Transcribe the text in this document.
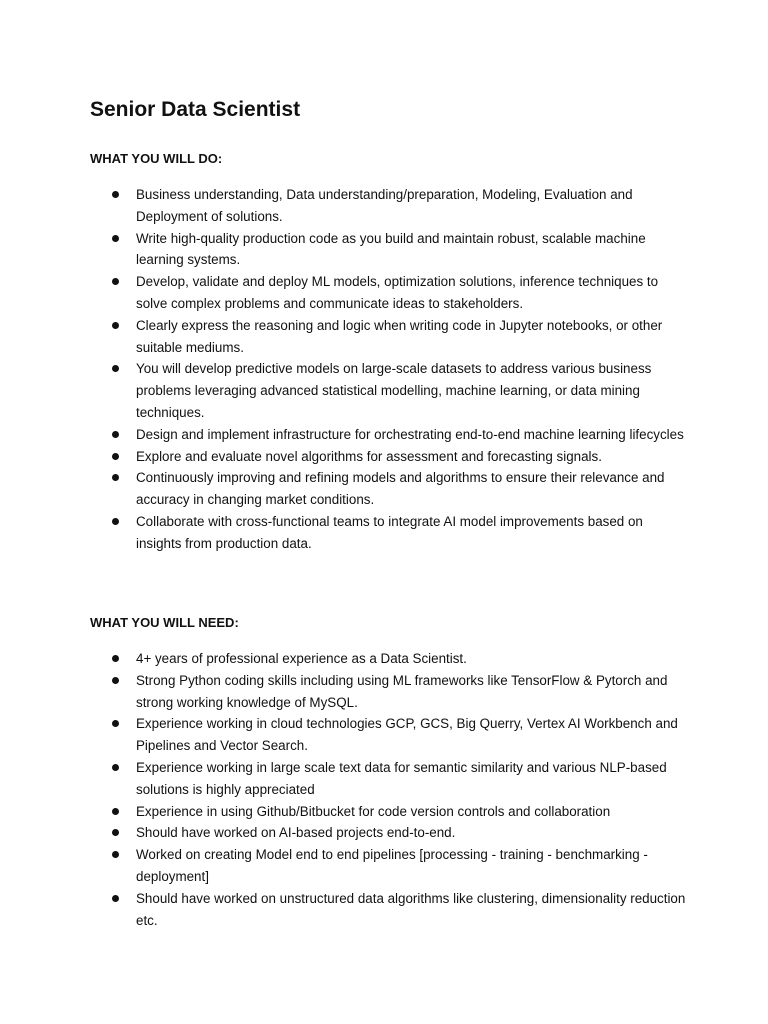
Senior Data Scientist
WHAT YOU WILL DO:
Business understanding, Data understanding/preparation, Modeling, Evaluation and Deployment of solutions.
Write high-quality production code as you build and maintain robust, scalable machine learning systems.
Develop, validate and deploy ML models, optimization solutions, inference techniques to solve complex problems and communicate ideas to stakeholders.
Clearly express the reasoning and logic when writing code in Jupyter notebooks, or other suitable mediums.
You will develop predictive models on large-scale datasets to address various business problems leveraging advanced statistical modelling, machine learning, or data mining techniques.
Design and implement infrastructure for orchestrating end-to-end machine learning lifecycles
Explore and evaluate novel algorithms for assessment and forecasting signals.
Continuously improving and refining models and algorithms to ensure their relevance and accuracy in changing market conditions.
Collaborate with cross-functional teams to integrate AI model improvements based on insights from production data.
WHAT YOU WILL NEED:
4+ years of professional experience as a Data Scientist.
Strong Python coding skills including using ML frameworks like TensorFlow & Pytorch and strong working knowledge of MySQL.
Experience working in cloud technologies GCP, GCS, Big Querry, Vertex AI Workbench and Pipelines and Vector Search.
Experience working in large scale text data for semantic similarity and various NLP-based solutions is highly appreciated
Experience in using Github/Bitbucket for code version controls and collaboration
Should have worked on AI-based projects end-to-end.
Worked on creating Model end to end pipelines [processing - training - benchmarking - deployment]
Should have worked on unstructured data algorithms like clustering, dimensionality reduction etc.
